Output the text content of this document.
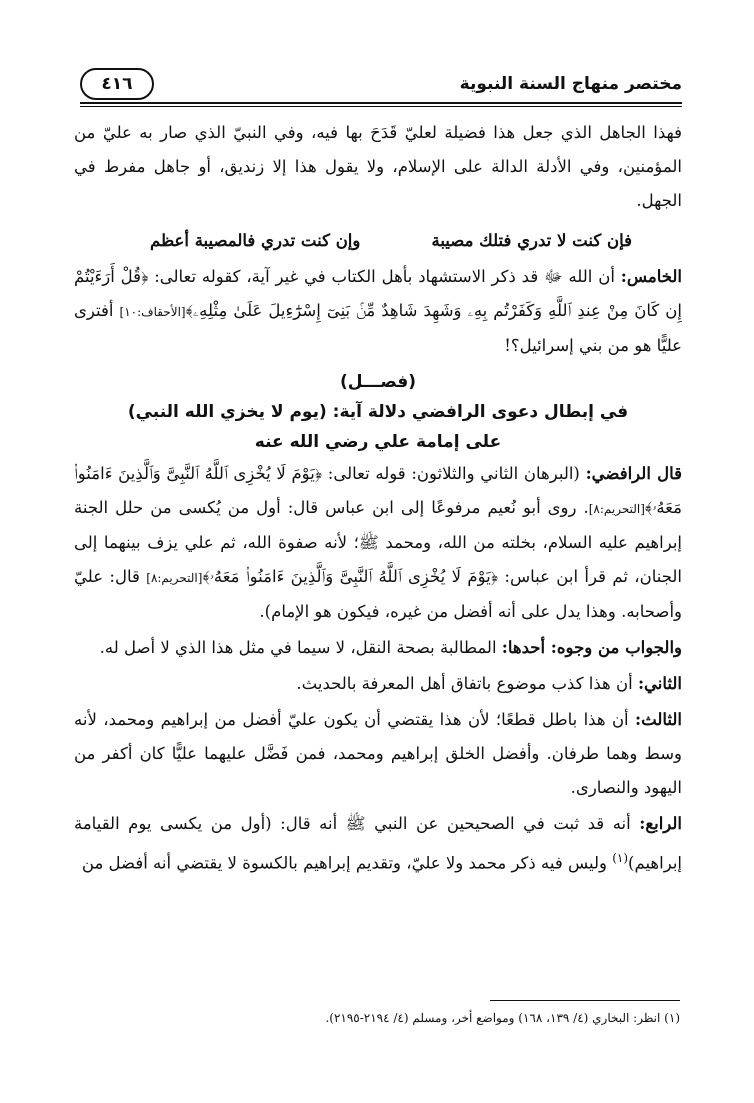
مختصر منهاج السنة النبوية
٤١٦

فهذا الجاهل الذي جعل هذا فضيلة لعليّ قَدَحَ بها فيه، وفي النبيّ الذي صار به عليّ من المؤمنين، وفي الأدلة الدالة على الإسلام، ولا يقول هذا إلا زنديق، أو جاهل مفرط في الجهل.

فإن كنت لا تدري فتلك مصيبة
وإن كنت تدري فالمصيبة أعظم

الخامس: أن الله ﷻ قد ذكر الاستشهاد بأهل الكتاب في غير آية، كقوله تعالى: ﴿قُلْ أَرَءَيْتُمْ إِن كَانَ مِنْ عِندِ ٱللَّهِ وَكَفَرْتُم بِهِۦ وَشَهِدَ شَاهِدٌ مِّنۢ بَنِىٓ إِسْرَٰٓءِيلَ عَلَىٰ مِثْلِهِۦ﴾[الأحقاف:١٠] أفترى عليًّا هو من بني إسرائيل؟!

(فصـــل)
في إبطال دعوى الرافضي دلالة آية: (يوم لا يخزي الله النبي)
على إمامة علي رضي الله عنه

قال الرافضي: (البرهان الثاني والثلاثون: قوله تعالى: ﴿يَوْمَ لَا يُخْزِى ٱللَّهُ ٱلنَّبِىَّ وَٱلَّذِينَ ءَامَنُوا۟ مَعَهُۥ﴾[التحريم:٨]. روى أبو نُعيم مرفوعًا إلى ابن عباس قال: أول من يُكسى من حلل الجنة إبراهيم عليه السلام، بخلته من الله، ومحمد ﷺ؛ لأنه صفوة الله، ثم علي يزف بينهما إلى الجنان، ثم قرأ ابن عباس: ﴿يَوْمَ لَا يُخْزِى ٱللَّهُ ٱلنَّبِىَّ وَٱلَّذِينَ ءَامَنُوا۟ مَعَهُۥ﴾[التحريم:٨] قال: عليّ وأصحابه. وهذا يدل على أنه أفضل من غيره، فيكون هو الإمام).

والجواب من وجوه: أحدها: المطالبة بصحة النقل، لا سيما في مثل هذا الذي لا أصل له.

الثاني: أن هذا كذب موضوع باتفاق أهل المعرفة بالحديث.

الثالث: أن هذا باطل قطعًا؛ لأن هذا يقتضي أن يكون عليّ أفضل من إبراهيم ومحمد، لأنه وسط وهما طرفان. وأفضل الخلق إبراهيم ومحمد، فمن فَضَّل عليهما عليًّا كان أكفر من اليهود والنصارى.

الرابع: أنه قد ثبت في الصحيحين عن النبي ﷺ أنه قال: (أول من يكسى يوم القيامة إبراهيم)$^{(١)}$ وليس فيه ذكر محمد ولا عليّ، وتقديم إبراهيم بالكسوة لا يقتضي أنه أفضل من

(١) انظر: البخاري (٤/ ١٣٩، ١٦٨) ومواضع أخر، ومسلم (٤/ ٢١٩٤-٢١٩٥).
